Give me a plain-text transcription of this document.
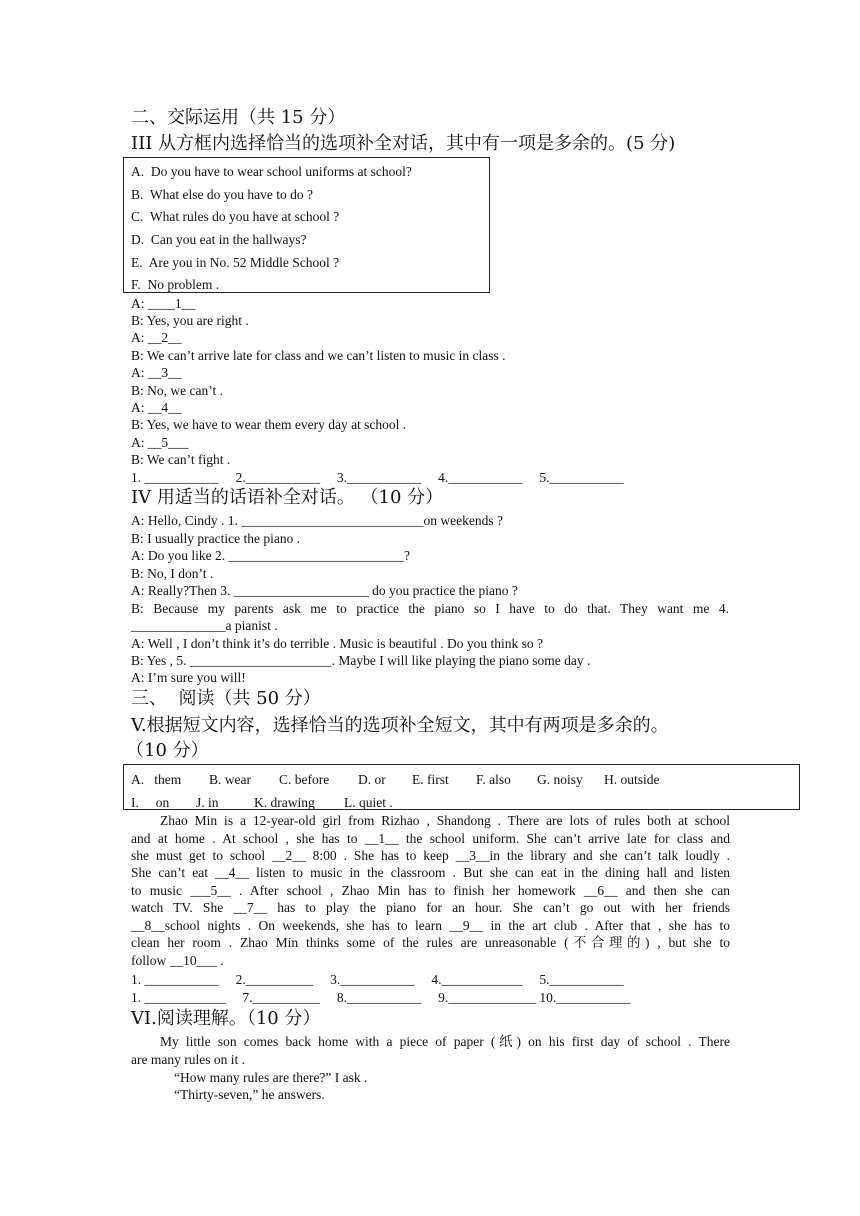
二、交际运用（共 15 分）
III 从方框内选择恰当的选项补全对话，其中有一项是多余的。(5 分)
A.  Do you have to wear school uniforms at school?
B.  What else do you have to do ?
C.  What rules do you have at school ?
D.  Can you eat in the hallways?
E.  Are you in No. 52 Middle School ?
F.  No problem .
A: ____1__
B: Yes, you are right .
A: __2__
B: We can’t arrive late for class and we can’t listen to music in class .
A: __3__
B: No, we can’t .
A: __4__
B: Yes, we have to wear them every day at school .
A: __5___
B: We can’t fight .
1. ___________     2.___________     3.___________     4.___________     5.___________
IV 用适当的话语补全对话。 （10 分）
A: Hello, Cindy . 1. ___________________________on weekends ?
B: I usually practice the piano .
A: Do you like 2. __________________________?
B: No, I don’t .
A: Really?Then 3. ____________________ do you practice the piano ?
B: Because my parents ask me to practice the piano so I have to do that. They want me 4.
______________a pianist .
A: Well , I don’t think it’s do terrible . Music is beautiful . Do you think so ?
B: Yes , 5. _____________________. Maybe I will like playing the piano some day .
A: I’m sure you will!
三、  阅读（共 50 分）
V.根据短文内容，选择恰当的选项补全短文，其中有两项是多余的。
（10 分）
A.   them B. wear C. before D. or E. first F. also G. noisy H. outside
I.     on J. in	K. drawing L. quiet .
Zhao Min is a 12-year-old girl from Rizhao , Shandong . There are lots of rules both at school
and at home . At school , she has to __1__ the school uniform. She can’t arrive late for class and
she must get to school __2__ 8:00 . She has to keep __3__in the library and she can’t talk loudly .
She can’t eat __4__ listen to music in the classroom . But she can eat in the dining hall and listen
to music ___5__ . After school , Zhao Min has to finish her homework __6__ and then she can
watch TV. She __7__ has to play the piano for an hour. She can’t go out with her friends
__8__school nights . On weekends, she has to learn __9__ in the art club . After that , she has to
clean her room . Zhao Min thinks some of the rules are unreasonable (不合理的) , but she to
follow __10___ .
1. ___________     2.__________     3.___________     4.____________     5.___________
1. ____________     7.__________     8.___________     9._____________ 10.___________
VI.阅读理解。（10 分）
My little son comes back home with a piece of paper (纸) on his first day of school . There
are many rules on it .
“How many rules are there?” I ask .
“Thirty-seven,” he answers.
